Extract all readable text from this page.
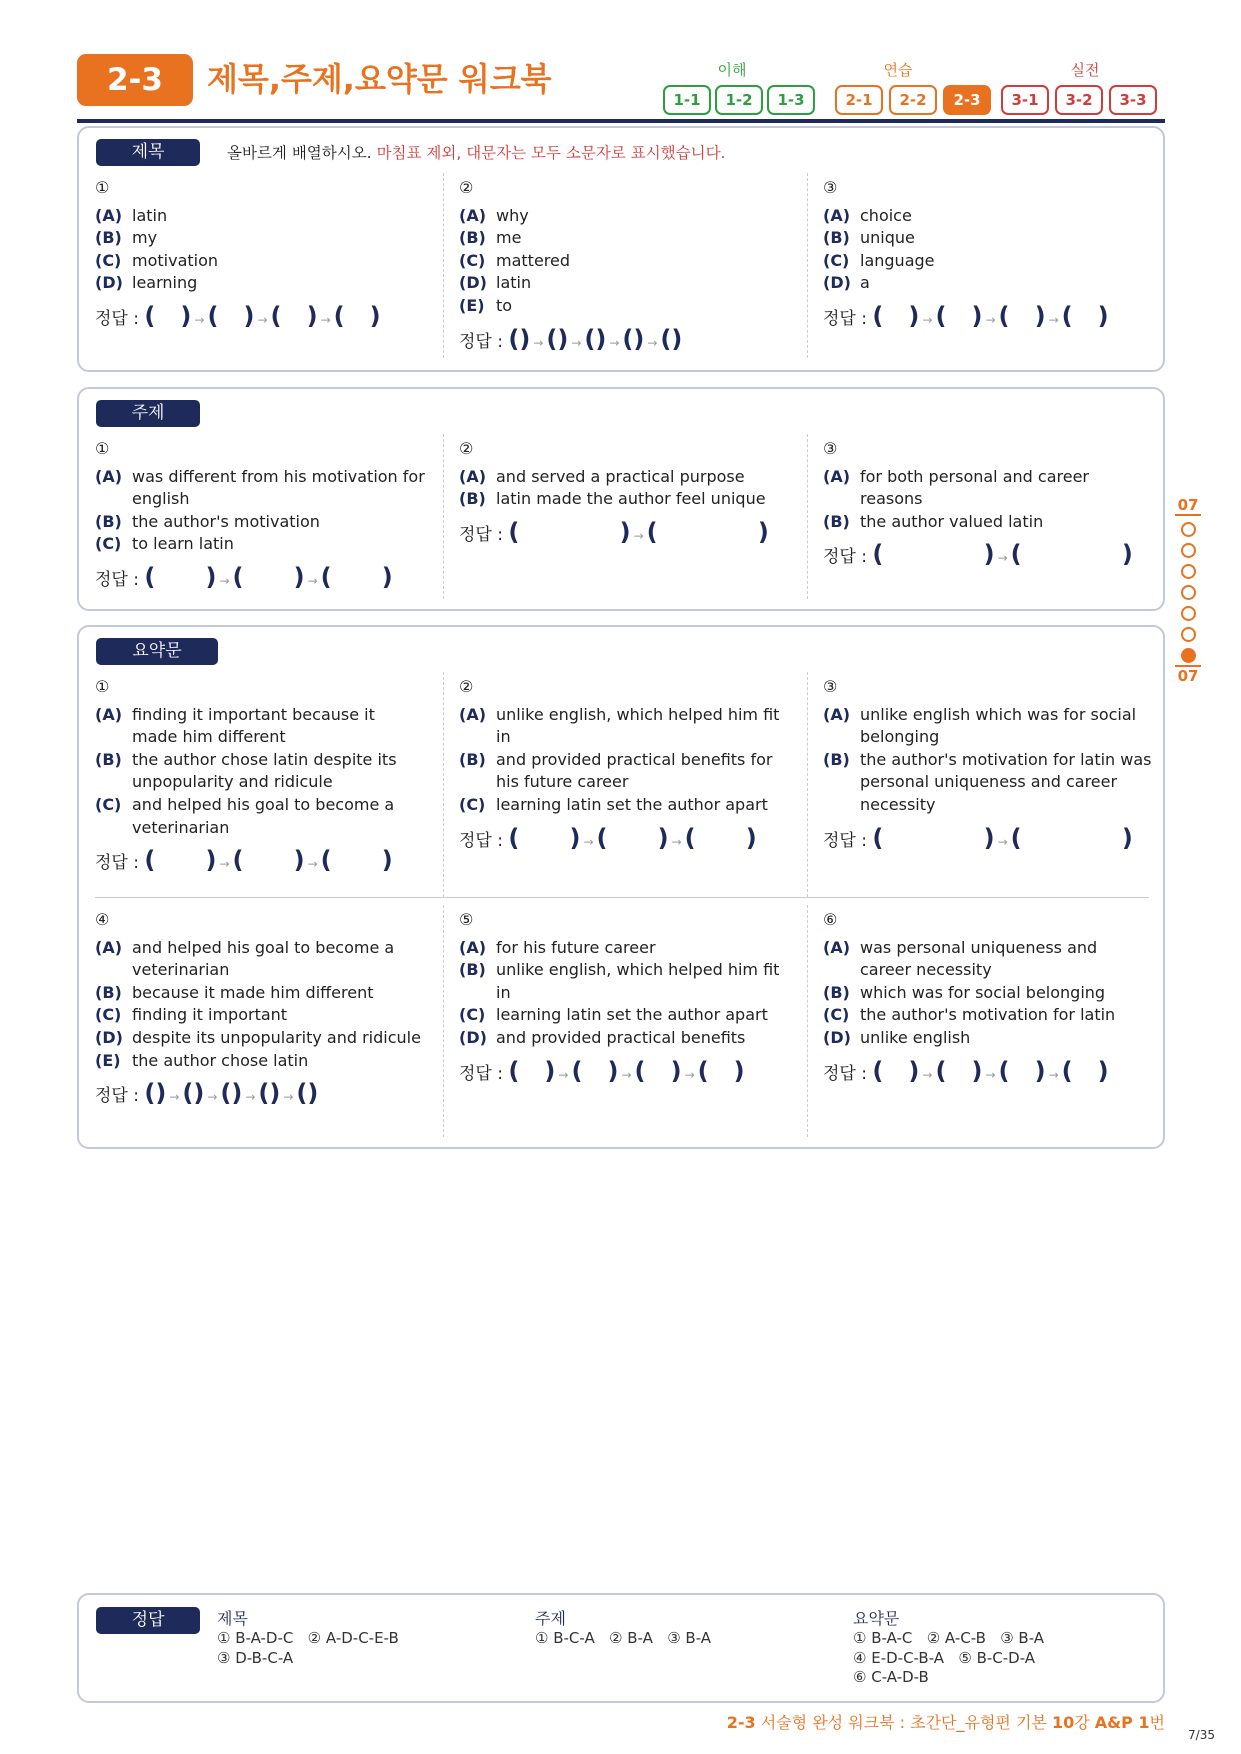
2-3	제목,주제,요약문 워크북	이해	연습	실전
1-1	1-2	1-3	2-1	2-2	2-3	3-1	3-2	3-3
제목	올바르게 배열하시오. 마침표 제외, 대문자는 모두 소문자로 표시했습니다.
①
(A) latin
(B) my
(C) motivation
(D) learning
정답 : (   ) → (   ) → (   ) → (   )
②
(A) why
(B) me
(C) mattered
(D) latin
(E) to
정답 : () → () → () → () → ()
③
(A) choice
(B) unique
(C) language
(D) a
정답 : (   ) → (   ) → (   ) → (   )
주제
①
(A) was different from his motivation for english
(B) the author's motivation
(C) to learn latin
정답 : (      ) → (      ) → (      )
②
(A) and served a practical purpose
(B) latin made the author feel unique
정답 : (            ) → (            )
③
(A) for both personal and career reasons
(B) the author valued latin
정답 : (            ) → (            )
요약문
①
(A) finding it important because it made him different
(B) the author chose latin despite its unpopularity and ridicule
(C) and helped his goal to become a veterinarian
정답 : (      ) → (      ) → (      )
②
(A) unlike english, which helped him fit in
(B) and provided practical benefits for his future career
(C) learning latin set the author apart
정답 : (      ) → (      ) → (      )
③
(A) unlike english which was for social belonging
(B) the author's motivation for latin was personal uniqueness and career necessity
정답 : (            ) → (            )
④
(A) and helped his goal to become a veterinarian
(B) because it made him different
(C) finding it important
(D) despite its unpopularity and ridicule
(E) the author chose latin
정답 : () → () → () → () → ()
⑤
(A) for his future career
(B) unlike english, which helped him fit in
(C) learning latin set the author apart
(D) and provided practical benefits
정답 : (   ) → (   ) → (   ) → (   )
⑥
(A) was personal uniqueness and career necessity
(B) which was for social belonging
(C) the author's motivation for latin
(D) unlike english
정답 : (   ) → (   ) → (   ) → (   )
07
07
정답	제목
① B-A-D-C   ② A-D-C-E-B
③ D-B-C-A
주제
① B-C-A   ② B-A   ③ B-A
요약문
① B-A-C   ② A-C-B   ③ B-A
④ E-D-C-B-A   ⑤ B-C-D-A
⑥ C-A-D-B
2-3 서술형 완성 워크북 : 초간단_유형편 기본 10강 A&P 1번
7/35
